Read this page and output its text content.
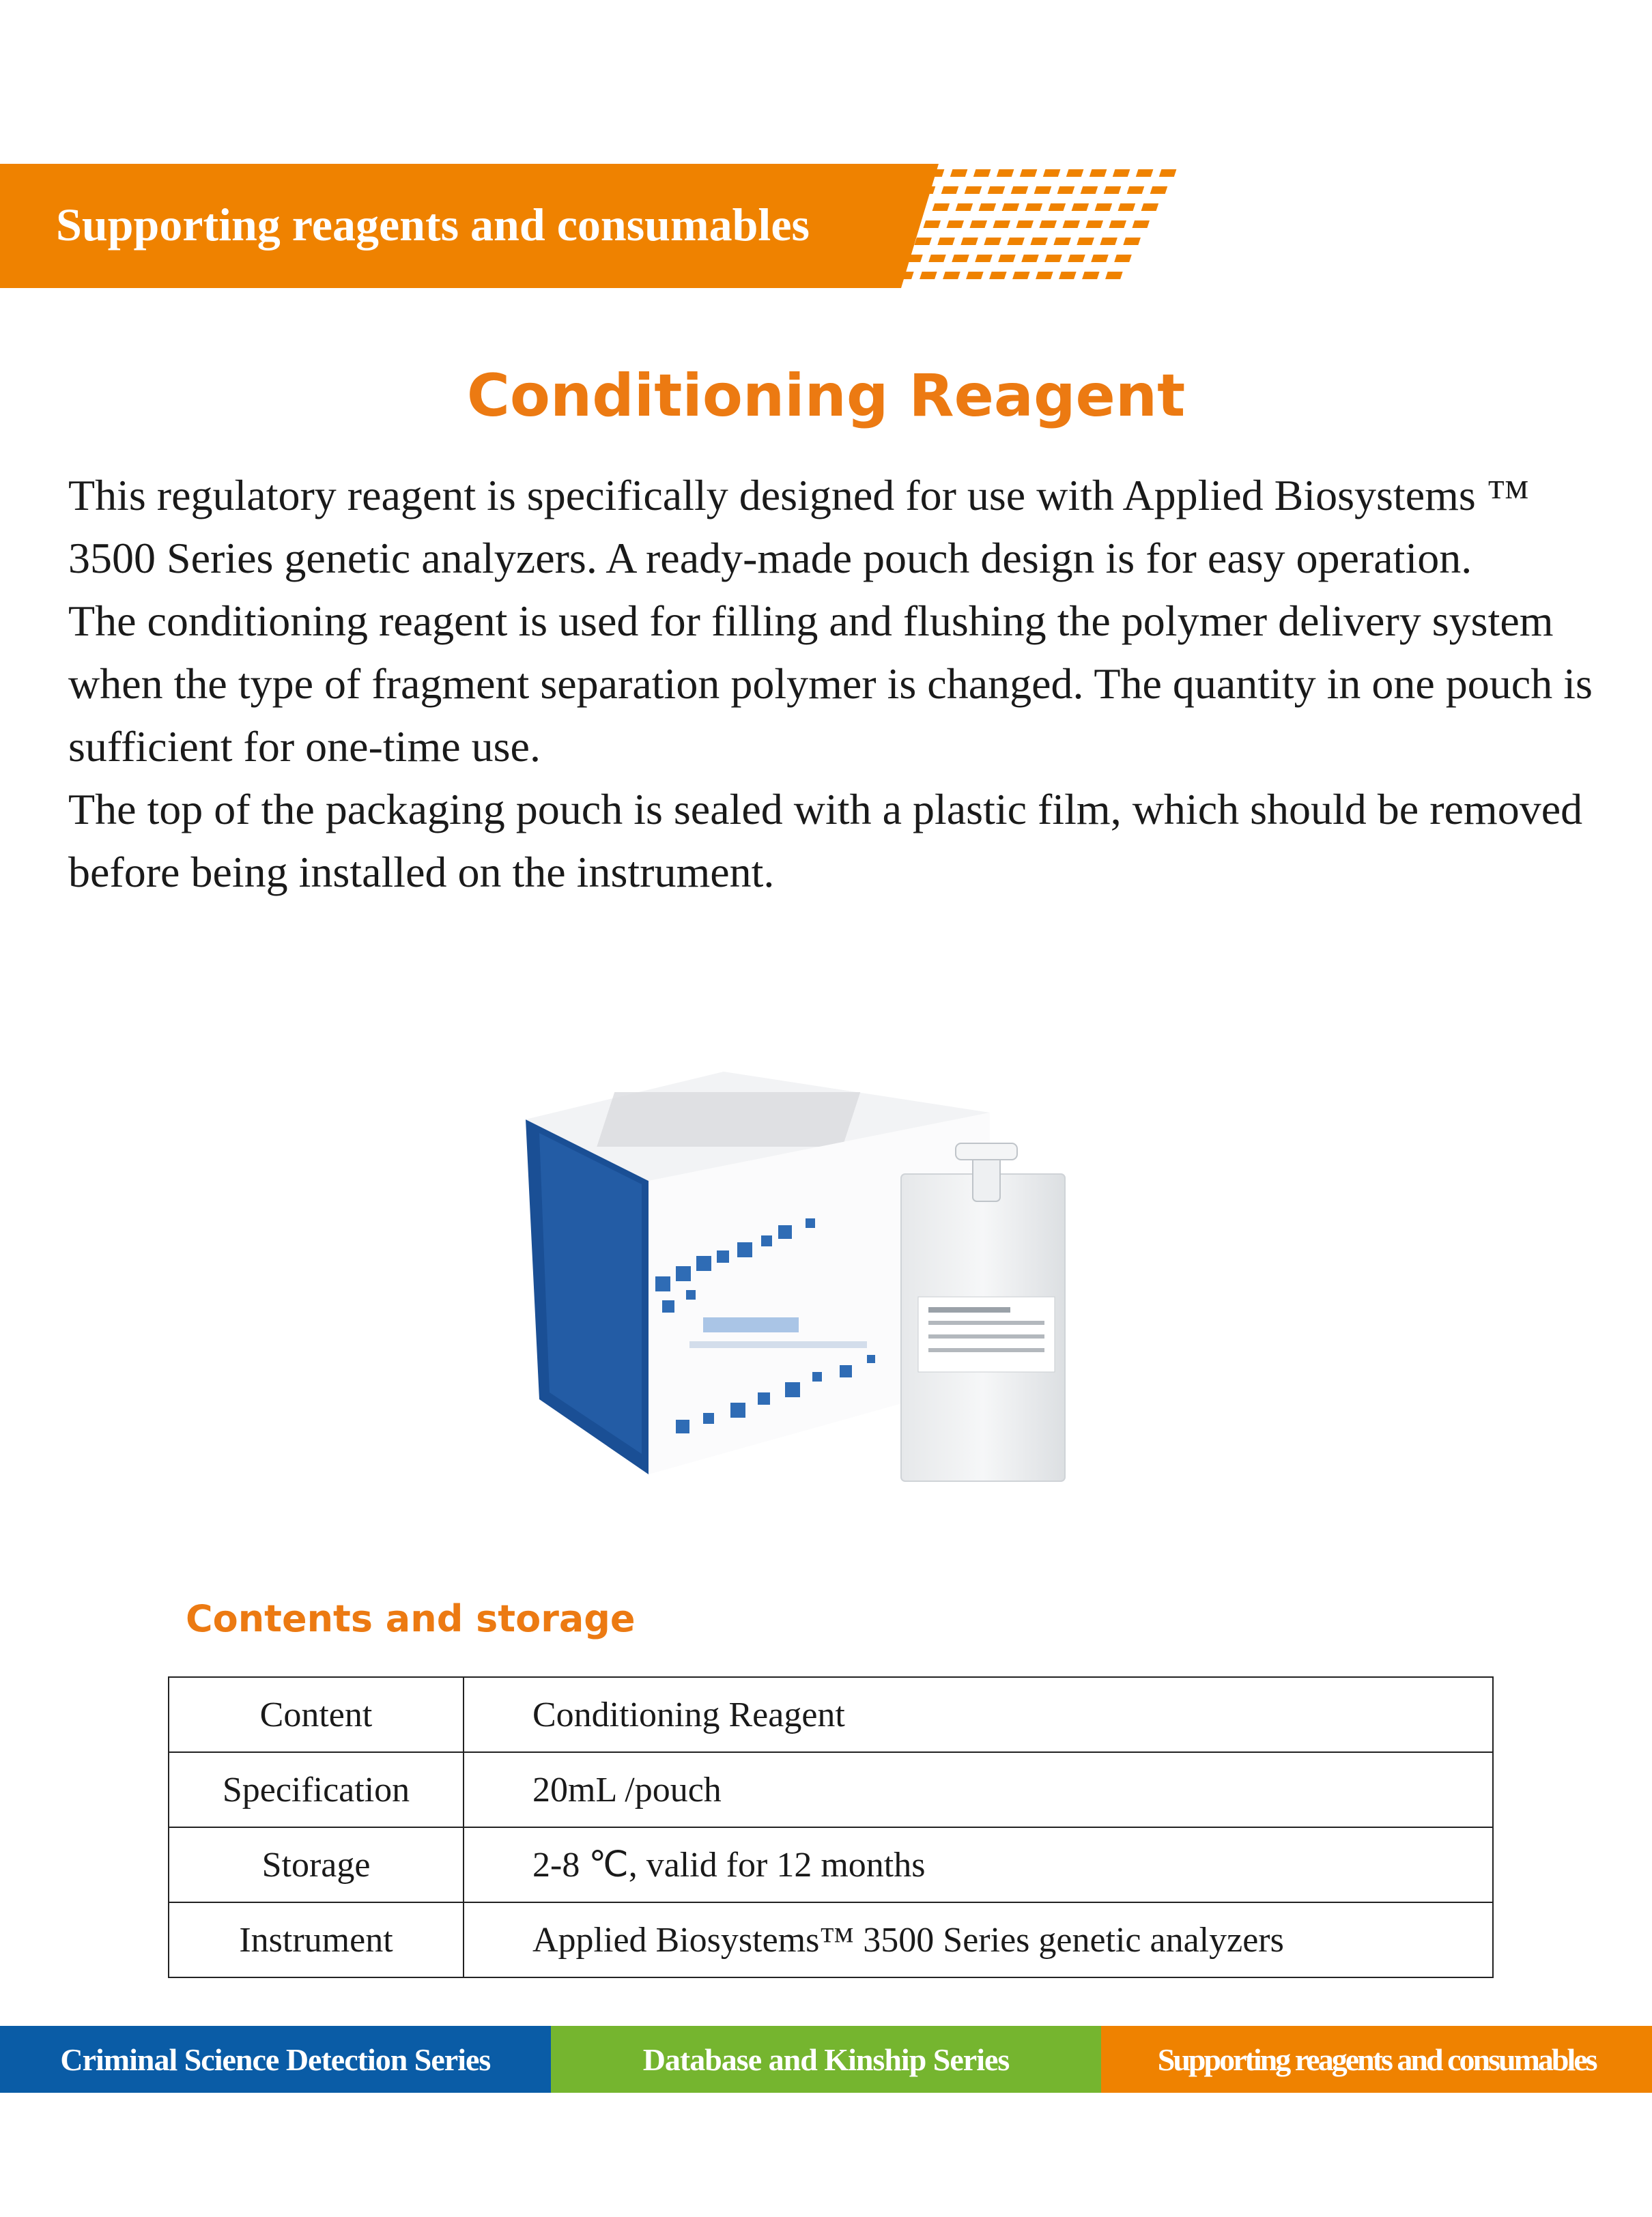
Supporting reagents and consumables
Conditioning Reagent

This regulatory reagent is specifically designed for use with Applied Biosystems ™ 3500 Series genetic analyzers. A ready-made pouch design is for easy operation.

The conditioning reagent is used for filling and flushing the polymer delivery system when the type of fragment separation polymer is changed. The quantity in one pouch is sufficient for one-time use.

The top of the packaging pouch is sealed with a plastic film, which should be removed before being installed on the instrument.

Contents and storage
Content	Conditioning Reagent
Specification	20mL /pouch
Storage	2-8 ℃, valid for 12 months
Instrument	Applied Biosystems™ 3500 Series genetic analyzers
Criminal Science Detection Series	Database and Kinship Series	Supporting reagents and consumables
